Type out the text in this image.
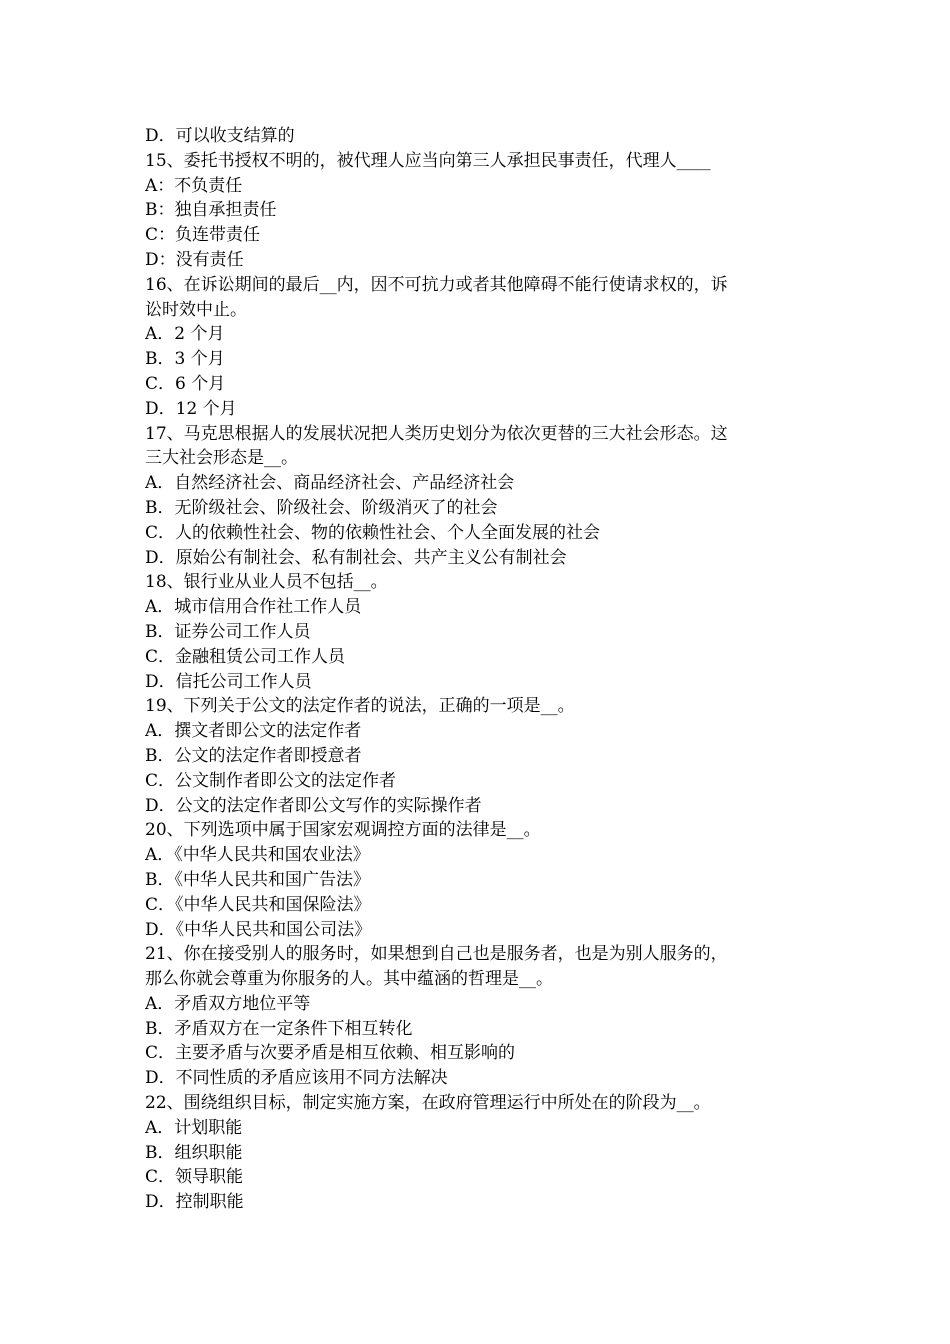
D．可以收支结算的
15、委托书授权不明的，被代理人应当向第三人承担民事责任，代理人____
A：不负责任
B：独自承担责任
C：负连带责任
D：没有责任
16、在诉讼期间的最后__内，因不可抗力或者其他障碍不能行使请求权的，诉
讼时效中止。
A．2 个月
B．3 个月
C．6 个月
D．12 个月
17、马克思根据人的发展状况把人类历史划分为依次更替的三大社会形态。这
三大社会形态是__。
A．自然经济社会、商品经济社会、产品经济社会
B．无阶级社会、阶级社会、阶级消灭了的社会
C．人的依赖性社会、物的依赖性社会、个人全面发展的社会
D．原始公有制社会、私有制社会、共产主义公有制社会
18、银行业从业人员不包括__。
A．城市信用合作社工作人员
B．证券公司工作人员
C．金融租赁公司工作人员
D．信托公司工作人员
19、下列关于公文的法定作者的说法，正确的一项是__。
A．撰文者即公文的法定作者
B．公文的法定作者即授意者
C．公文制作者即公文的法定作者
D．公文的法定作者即公文写作的实际操作者
20、下列选项中属于国家宏观调控方面的法律是__。
A．《中华人民共和国农业法》
B．《中华人民共和国广告法》
C．《中华人民共和国保险法》
D．《中华人民共和国公司法》
21、你在接受别人的服务时，如果想到自己也是服务者，也是为别人服务的，
那么你就会尊重为你服务的人。其中蕴涵的哲理是__。
A．矛盾双方地位平等
B．矛盾双方在一定条件下相互转化
C．主要矛盾与次要矛盾是相互依赖、相互影响的
D．不同性质的矛盾应该用不同方法解决
22、围绕组织目标，制定实施方案，在政府管理运行中所处在的阶段为__。
A．计划职能
B．组织职能
C．领导职能
D．控制职能
